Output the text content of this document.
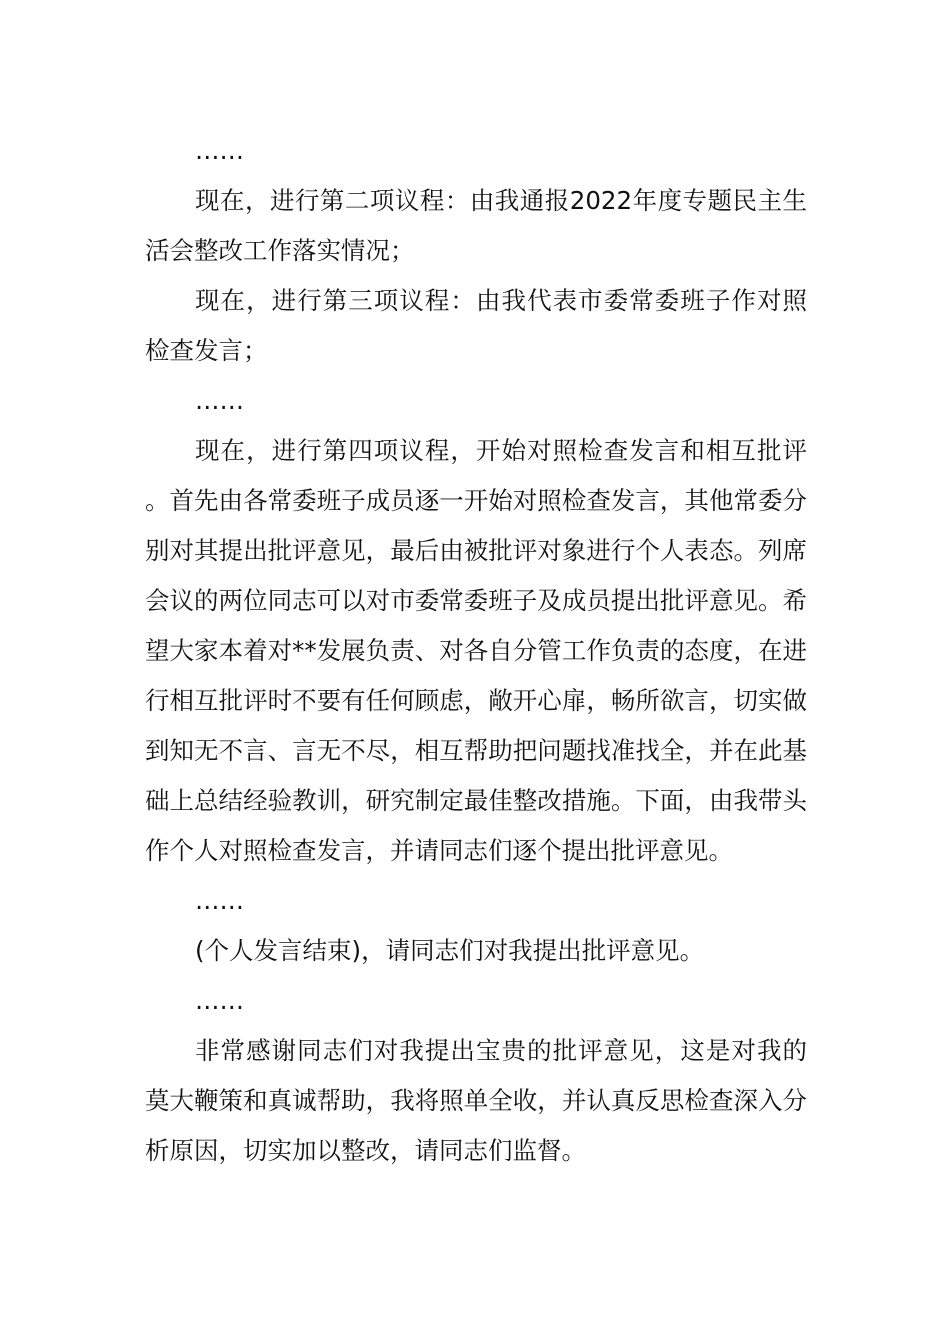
……

现在，进行第二项议程：由我通报2022年度专题民主生活会整改工作落实情况；

现在，进行第三项议程：由我代表市委常委班子作对照检查发言；

……

现在，进行第四项议程，开始对照检查发言和相互批评。首先由各常委班子成员逐一开始对照检查发言，其他常委分别对其提出批评意见，最后由被批评对象进行个人表态。列席会议的两位同志可以对市委常委班子及成员提出批评意见。希望大家本着对**发展负责、对各自分管工作负责的态度，在进行相互批评时不要有任何顾虑，敞开心扉，畅所欲言，切实做到知无不言、言无不尽，相互帮助把问题找准找全，并在此基础上总结经验教训，研究制定最佳整改措施。下面，由我带头作个人对照检查发言，并请同志们逐个提出批评意见。

……

(个人发言结束)，请同志们对我提出批评意见。

……

非常感谢同志们对我提出宝贵的批评意见，这是对我的莫大鞭策和真诚帮助，我将照单全收，并认真反思检查深入分析原因，切实加以整改，请同志们监督。
